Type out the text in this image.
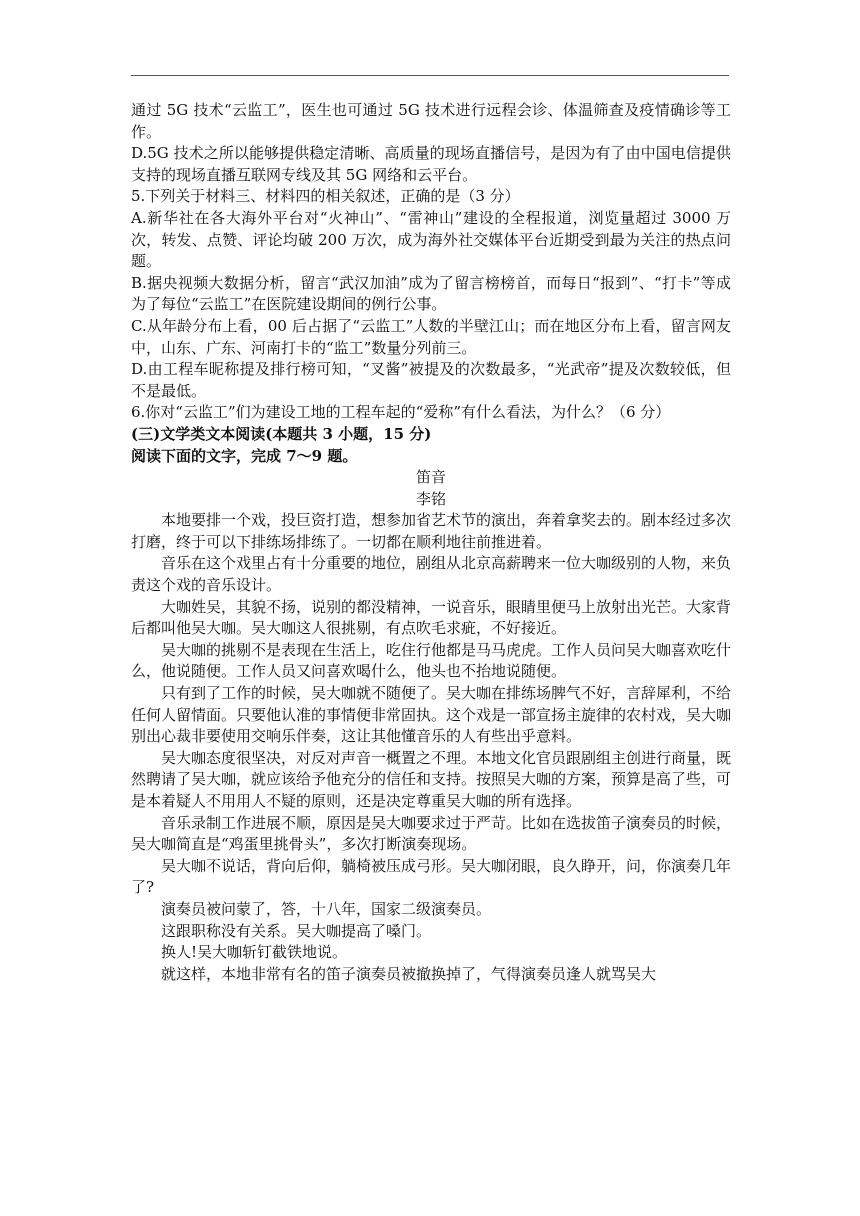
通过 5G 技术“云监工”，医生也可通过 5G 技术进行远程会诊、体温筛查及疫情确诊等工作。

D.5G 技术之所以能够提供稳定清晰、高质量的现场直播信号，是因为有了由中国电信提供支持的现场直播互联网专线及其 5G 网络和云平台。

5.下列关于材料三、材料四的相关叙述，正确的是（3 分）

A.新华社在各大海外平台对“火神山”、“雷神山”建设的全程报道，浏览量超过 3000 万次，转发、点赞、评论均破 200 万次，成为海外社交媒体平台近期受到最为关注的热点问题。

B.据央视频大数据分析，留言“武汉加油”成为了留言榜榜首，而每日“报到”、“打卡”等成为了每位“云监工”在医院建设期间的例行公事。

C.从年龄分布上看，00 后占据了“云监工”人数的半壁江山；而在地区分布上看，留言网友中，山东、广东、河南打卡的“监工”数量分列前三。

D.由工程车昵称提及排行榜可知，“叉酱”被提及的次数最多，“光武帝”提及次数较低，但不是最低。

6.你对“云监工”们为建设工地的工程车起的“爱称”有什么看法，为什么？（6 分）

(三)文学类文本阅读(本题共 3 小题，15 分)

阅读下面的文字，完成 7～9 题。

笛音

李铭

本地要排一个戏，投巨资打造，想参加省艺术节的演出，奔着拿奖去的。剧本经过多次打磨，终于可以下排练场排练了。一切都在顺利地往前推进着。

音乐在这个戏里占有十分重要的地位，剧组从北京高薪聘来一位大咖级别的人物，来负责这个戏的音乐设计。

大咖姓吴，其貌不扬，说别的都没精神，一说音乐，眼睛里便马上放射出光芒。大家背后都叫他吴大咖。吴大咖这人很挑剔，有点吹毛求疵，不好接近。

吴大咖的挑剔不是表现在生活上，吃住行他都是马马虎虎。工作人员问吴大咖喜欢吃什么，他说随便。工作人员又问喜欢喝什么，他头也不抬地说随便。

只有到了工作的时候，吴大咖就不随便了。吴大咖在排练场脾气不好，言辞犀利，不给任何人留情面。只要他认准的事情便非常固执。这个戏是一部宣扬主旋律的农村戏，吴大咖别出心裁非要使用交响乐伴奏，这让其他懂音乐的人有些出乎意料。

吴大咖态度很坚决，对反对声音一概置之不理。本地文化官员跟剧组主创进行商量，既然聘请了吴大咖，就应该给予他充分的信任和支持。按照吴大咖的方案，预算是高了些，可是本着疑人不用用人不疑的原则，还是决定尊重吴大咖的所有选择。

音乐录制工作进展不顺，原因是吴大咖要求过于严苛。比如在选拔笛子演奏员的时候，吴大咖简直是“鸡蛋里挑骨头”，多次打断演奏现场。

吴大咖不说话，背向后仰，躺椅被压成弓形。吴大咖闭眼，良久睁开，问，你演奏几年了?

演奏员被问蒙了，答，十八年，国家二级演奏员。

这跟职称没有关系。吴大咖提高了嗓门。

换人!吴大咖斩钉截铁地说。

就这样，本地非常有名的笛子演奏员被撤换掉了，气得演奏员逢人就骂吴大
